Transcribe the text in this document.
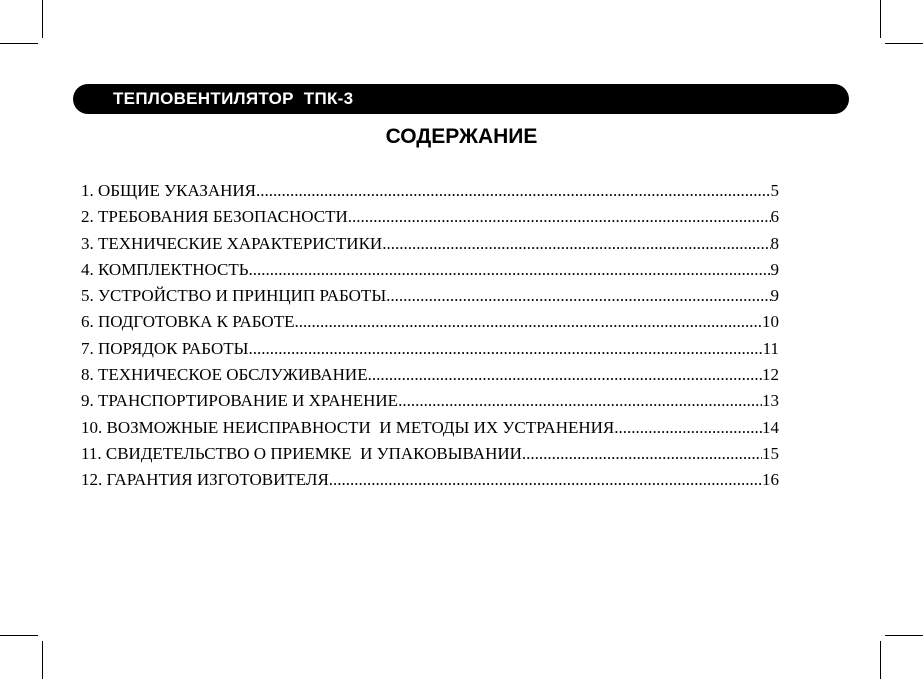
ТЕПЛОВЕНТИЛЯТОР  ТПК-3
СОДЕРЖАНИЕ
1. ОБЩИЕ УКАЗАНИЯ .....	5
2. ТРЕБОВАНИЯ БЕЗОПАСНОСТИ .....	6
3. ТЕХНИЧЕСКИЕ ХАРАКТЕРИСТИКИ .....	8
4. КОМПЛЕКТНОСТЬ .....	9
5. УСТРОЙСТВО И ПРИНЦИП РАБОТЫ .....	9
6. ПОДГОТОВКА К РАБОТЕ .....	10
7. ПОРЯДОК РАБОТЫ .....	11
8. ТЕХНИЧЕСКОЕ ОБСЛУЖИВАНИЕ .....	12
9. ТРАНСПОРТИРОВАНИЕ И ХРАНЕНИЕ .....	13
10. ВОЗМОЖНЫЕ НЕИСПРАВНОСТИ  И МЕТОДЫ ИХ УСТРАНЕНИЯ .....	14
11. СВИДЕТЕЛЬСТВО О ПРИЕМКЕ  И УПАКОВЫВАНИИ .....	15
12. ГАРАНТИЯ ИЗГОТОВИТЕЛЯ .....	16
